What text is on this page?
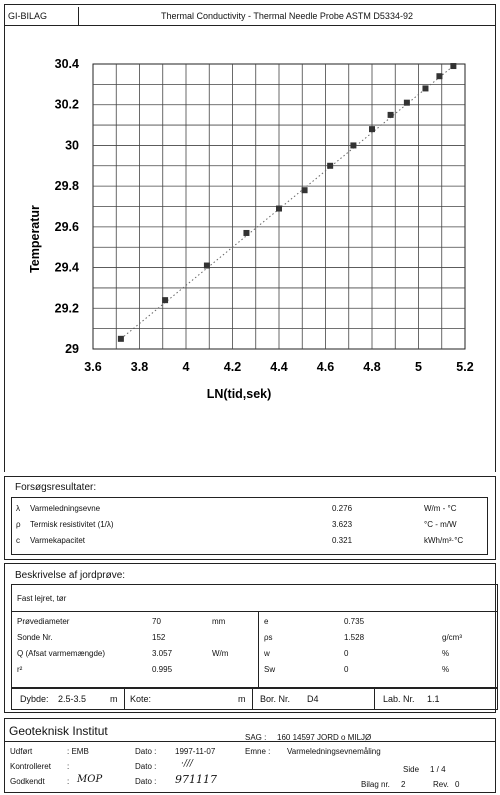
GI-BILAG	Thermal Conductivity - Thermal Needle Probe ASTM D5334-92
3.6 3.8	4	4.2 4.4 4.6 4.8	5	5.2
29
29.2
29.4
29.6
29.8
30
30.2
30.4
LN(tid,sek)
Temperatur
Forsøgsresultater:
λ Varmeledningsevne	0.276	W/m - °C
ρ Termisk resistivitet (1/λ)	3.623	°C - m/W
c Varmekapacitet	0.321	kWh/m³·°C
Beskrivelse af jordprøve:
Fast lejret, tør
Prøvediameter	70	mm
Sonde Nr.	152
Q (Afsat varmemængde)	3.057	W/m
r²	0.995
e	0.735
ρs	1.528	g/cm³
w	0	%
Sw	0	%
Dybde: 2.5-3.5	m Kote:	m Bor. Nr. D4	Lab. Nr. 1.1
Geoteknisk Institut	SAG : 160 14597 JORD o MILJØ
Udført	: EMB
Kontrolleret :
Godkendt	: MOP
Dato : 1997-11-07
Dato :	·///
Dato : 971117
Emne : Varmeledningsevnemåling
Side 1 / 4
Bilag nr. 2	Rev. 0
